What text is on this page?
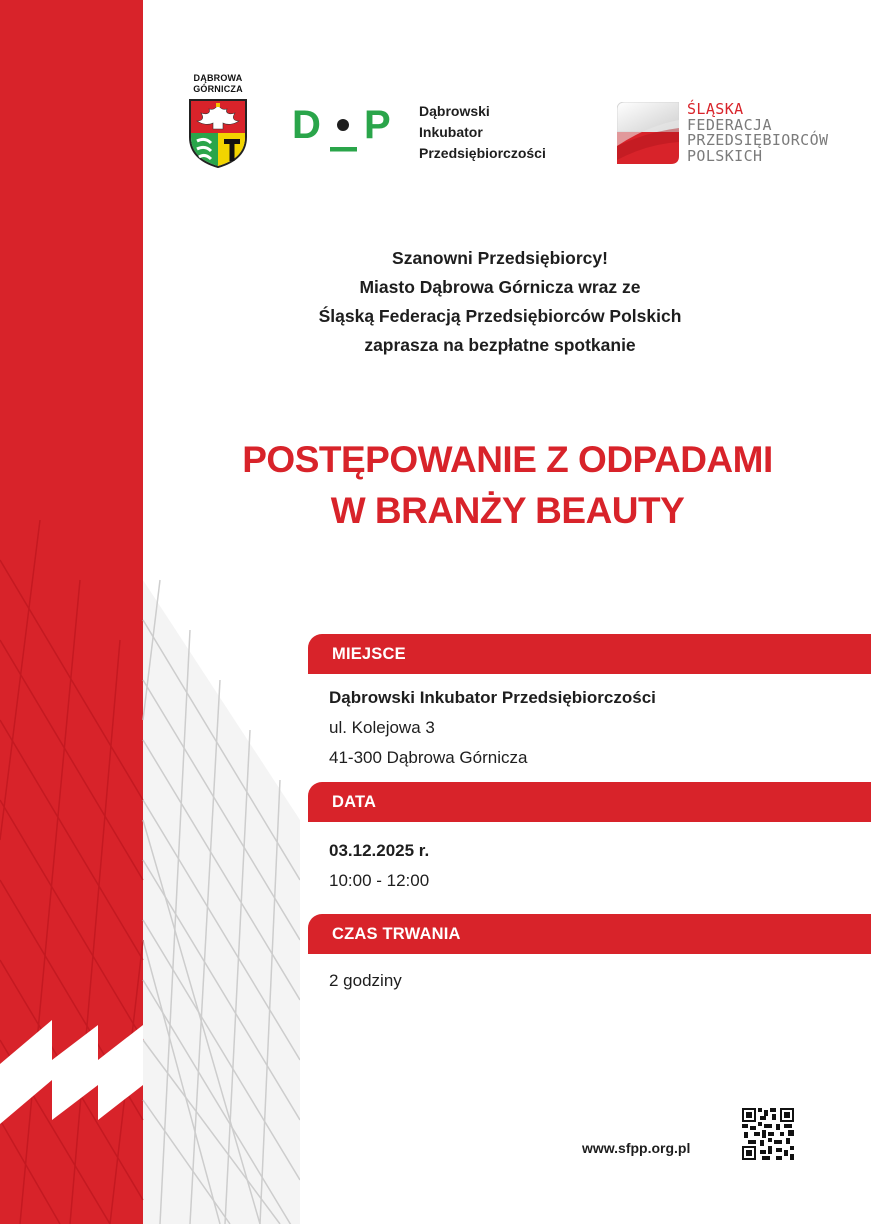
DĄBROWA
GÓRNICZA
D P Dąbrowski
Inkubator
Przedsiębiorczości
ŚLĄSKA
FEDERACJA
PRZEDSIĘBIORCÓW
POLSKICH
Szanowni Przedsiębiorcy!
Miasto Dąbrowa Górnicza wraz ze
Śląską Federacją Przedsiębiorców Polskich
zaprasza na bezpłatne spotkanie
POSTĘPOWANIE Z ODPADAMI
W BRANŻY BEAUTY
MIEJSCE
Dąbrowski Inkubator Przedsiębiorczości
ul. Kolejowa 3
41-300 Dąbrowa Górnicza
DATA
03.12.2025 r.
10:00 - 12:00
CZAS TRWANIA
2 godziny
www.sfpp.org.pl
